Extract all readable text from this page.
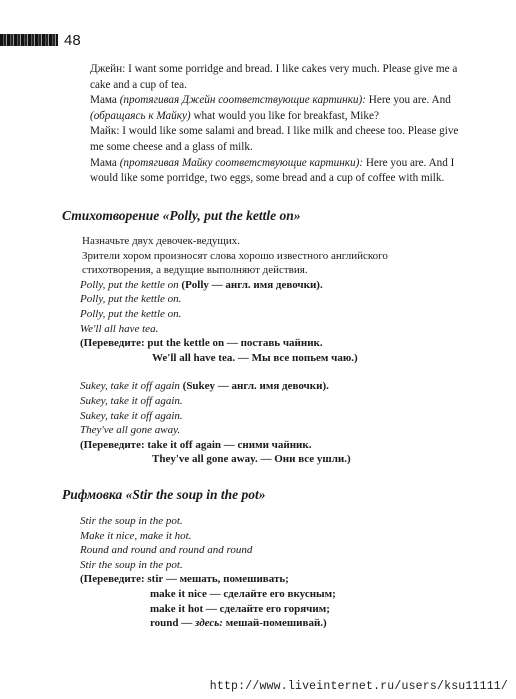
48

Джейн: I want some porridge and bread. I like cakes very much. Please give me a cake and a cup of tea.

Мама (протягивая Джейн соответствующие картинки): Here you are. And (обращаясь к Майку) what would you like for breakfast, Mike?

Майк: I would like some salami and bread. I like milk and cheese too. Please give me some cheese and a glass of milk.

Мама (протягивая Майку соответствующие картинки): Here you are. And I would like some porridge, two eggs, some bread and a cup of coffee with milk.

Стихотворение «Polly, put the kettle on»
Назначьте двух девочек-ведущих.
Зрители хором произносят слова хорошо известного английского стихотворения, а ведущие выполняют действия.
Polly, put the kettle on (Polly — англ. имя девочки).
Polly, put the kettle on.
Polly, put the kettle on.
We'll all have tea.
(Переведите: put the kettle on — поставь чайник.
We'll all have tea. — Мы все попьем чаю.)
Sukey, take it off again (Sukey — англ. имя девочки).
Sukey, take it off again.
Sukey, take it off again.
They've all gone away.
(Переведите: take it off again — сними чайник.
They've all gone away. — Они все ушли.)
Рифмовка «Stir the soup in the pot»
Stir the soup in the pot.
Make it nice, make it hot.
Round and round and round and round
Stir the soup in the pot.
(Переведите: stir — мешать, помешивать;
make it nice — сделайте его вкусным;
make it hot — сделайте его горячим;
round — здесь: мешай-помешивай.)
http://www.liveinternet.ru/users/ksu11111/
